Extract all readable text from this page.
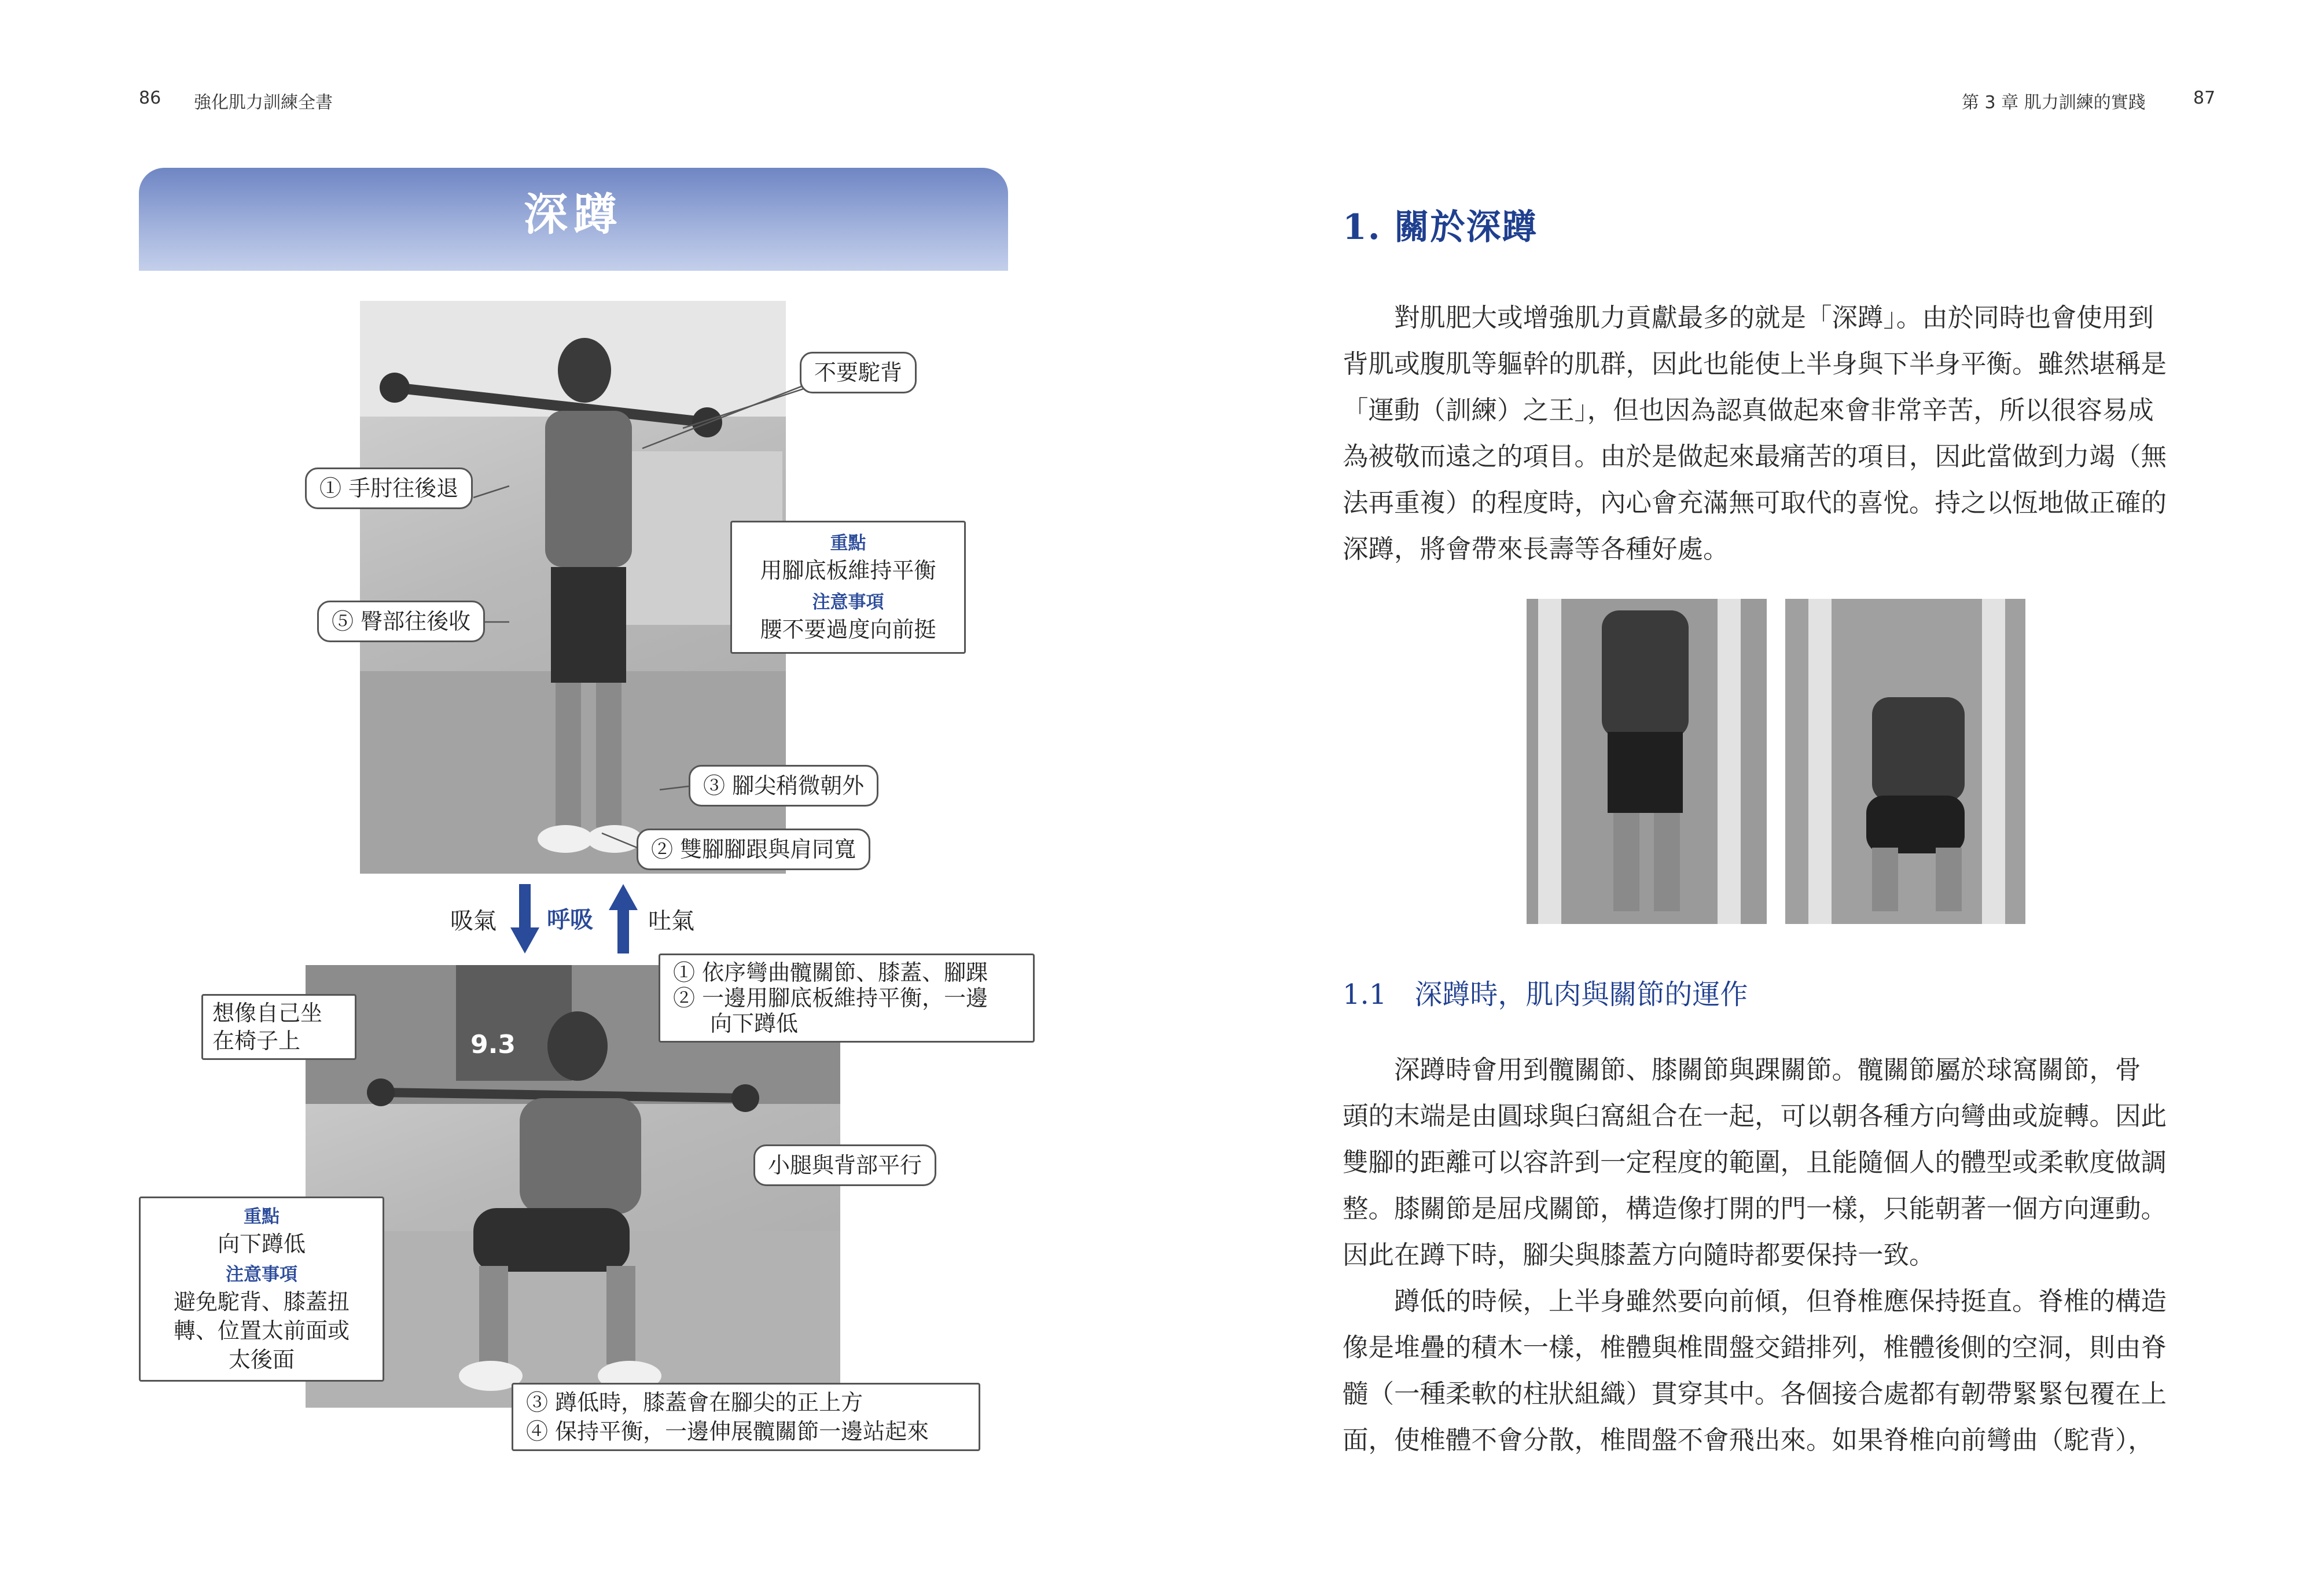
86 強化肌力訓練全書
深蹲
不要駝背
① 手肘往後退
⑤ 臀部往後收
重點
用腳底板維持平衡
注意事項
腰不要過度向前挺
③ 腳尖稍微朝外
② 雙腳腳跟與肩同寬
吸氣 呼吸 吐氣
9.3
① 依序彎曲髖關節、膝蓋、腳踝
② 一邊用腳底板維持平衡，一邊
向下蹲低
想像自己坐
在椅子上
小腿與背部平行
重點
向下蹲低
注意事項
避免駝背、膝蓋扭
轉、位置太前面或
太後面
③ 蹲低時，膝蓋會在腳尖的正上方
④ 保持平衡，一邊伸展髖關節一邊站起來
第 3 章 肌力訓練的實踐	87
1. 關於深蹲

對肌肥大或增強肌力貢獻最多的就是「深蹲」。由於同時也會使用到

背肌或腹肌等軀幹的肌群，因此也能使上半身與下半身平衡。雖然堪稱是

「運動（訓練）之王」，但也因為認真做起來會非常辛苦，所以很容易成

為被敬而遠之的項目。由於是做起來最痛苦的項目，因此當做到力竭（無

法再重複）的程度時，內心會充滿無可取代的喜悅。持之以恆地做正確的

深蹲，將會帶來長壽等各種好處。

1.1　深蹲時，肌肉與關節的運作

深蹲時會用到髖關節、膝關節與踝關節。髖關節屬於球窩關節，骨

頭的末端是由圓球與臼窩組合在一起，可以朝各種方向彎曲或旋轉。因此

雙腳的距離可以容許到一定程度的範圍，且能隨個人的體型或柔軟度做調

整。膝關節是屈戌關節，構造像打開的門一樣，只能朝著一個方向運動。

因此在蹲下時，腳尖與膝蓋方向隨時都要保持一致。

蹲低的時候，上半身雖然要向前傾，但脊椎應保持挺直。脊椎的構造

像是堆疊的積木一樣，椎體與椎間盤交錯排列，椎體後側的空洞，則由脊

髓（一種柔軟的柱狀組織）貫穿其中。各個接合處都有韌帶緊緊包覆在上

面，使椎體不會分散，椎間盤不會飛出來。如果脊椎向前彎曲（駝背），
